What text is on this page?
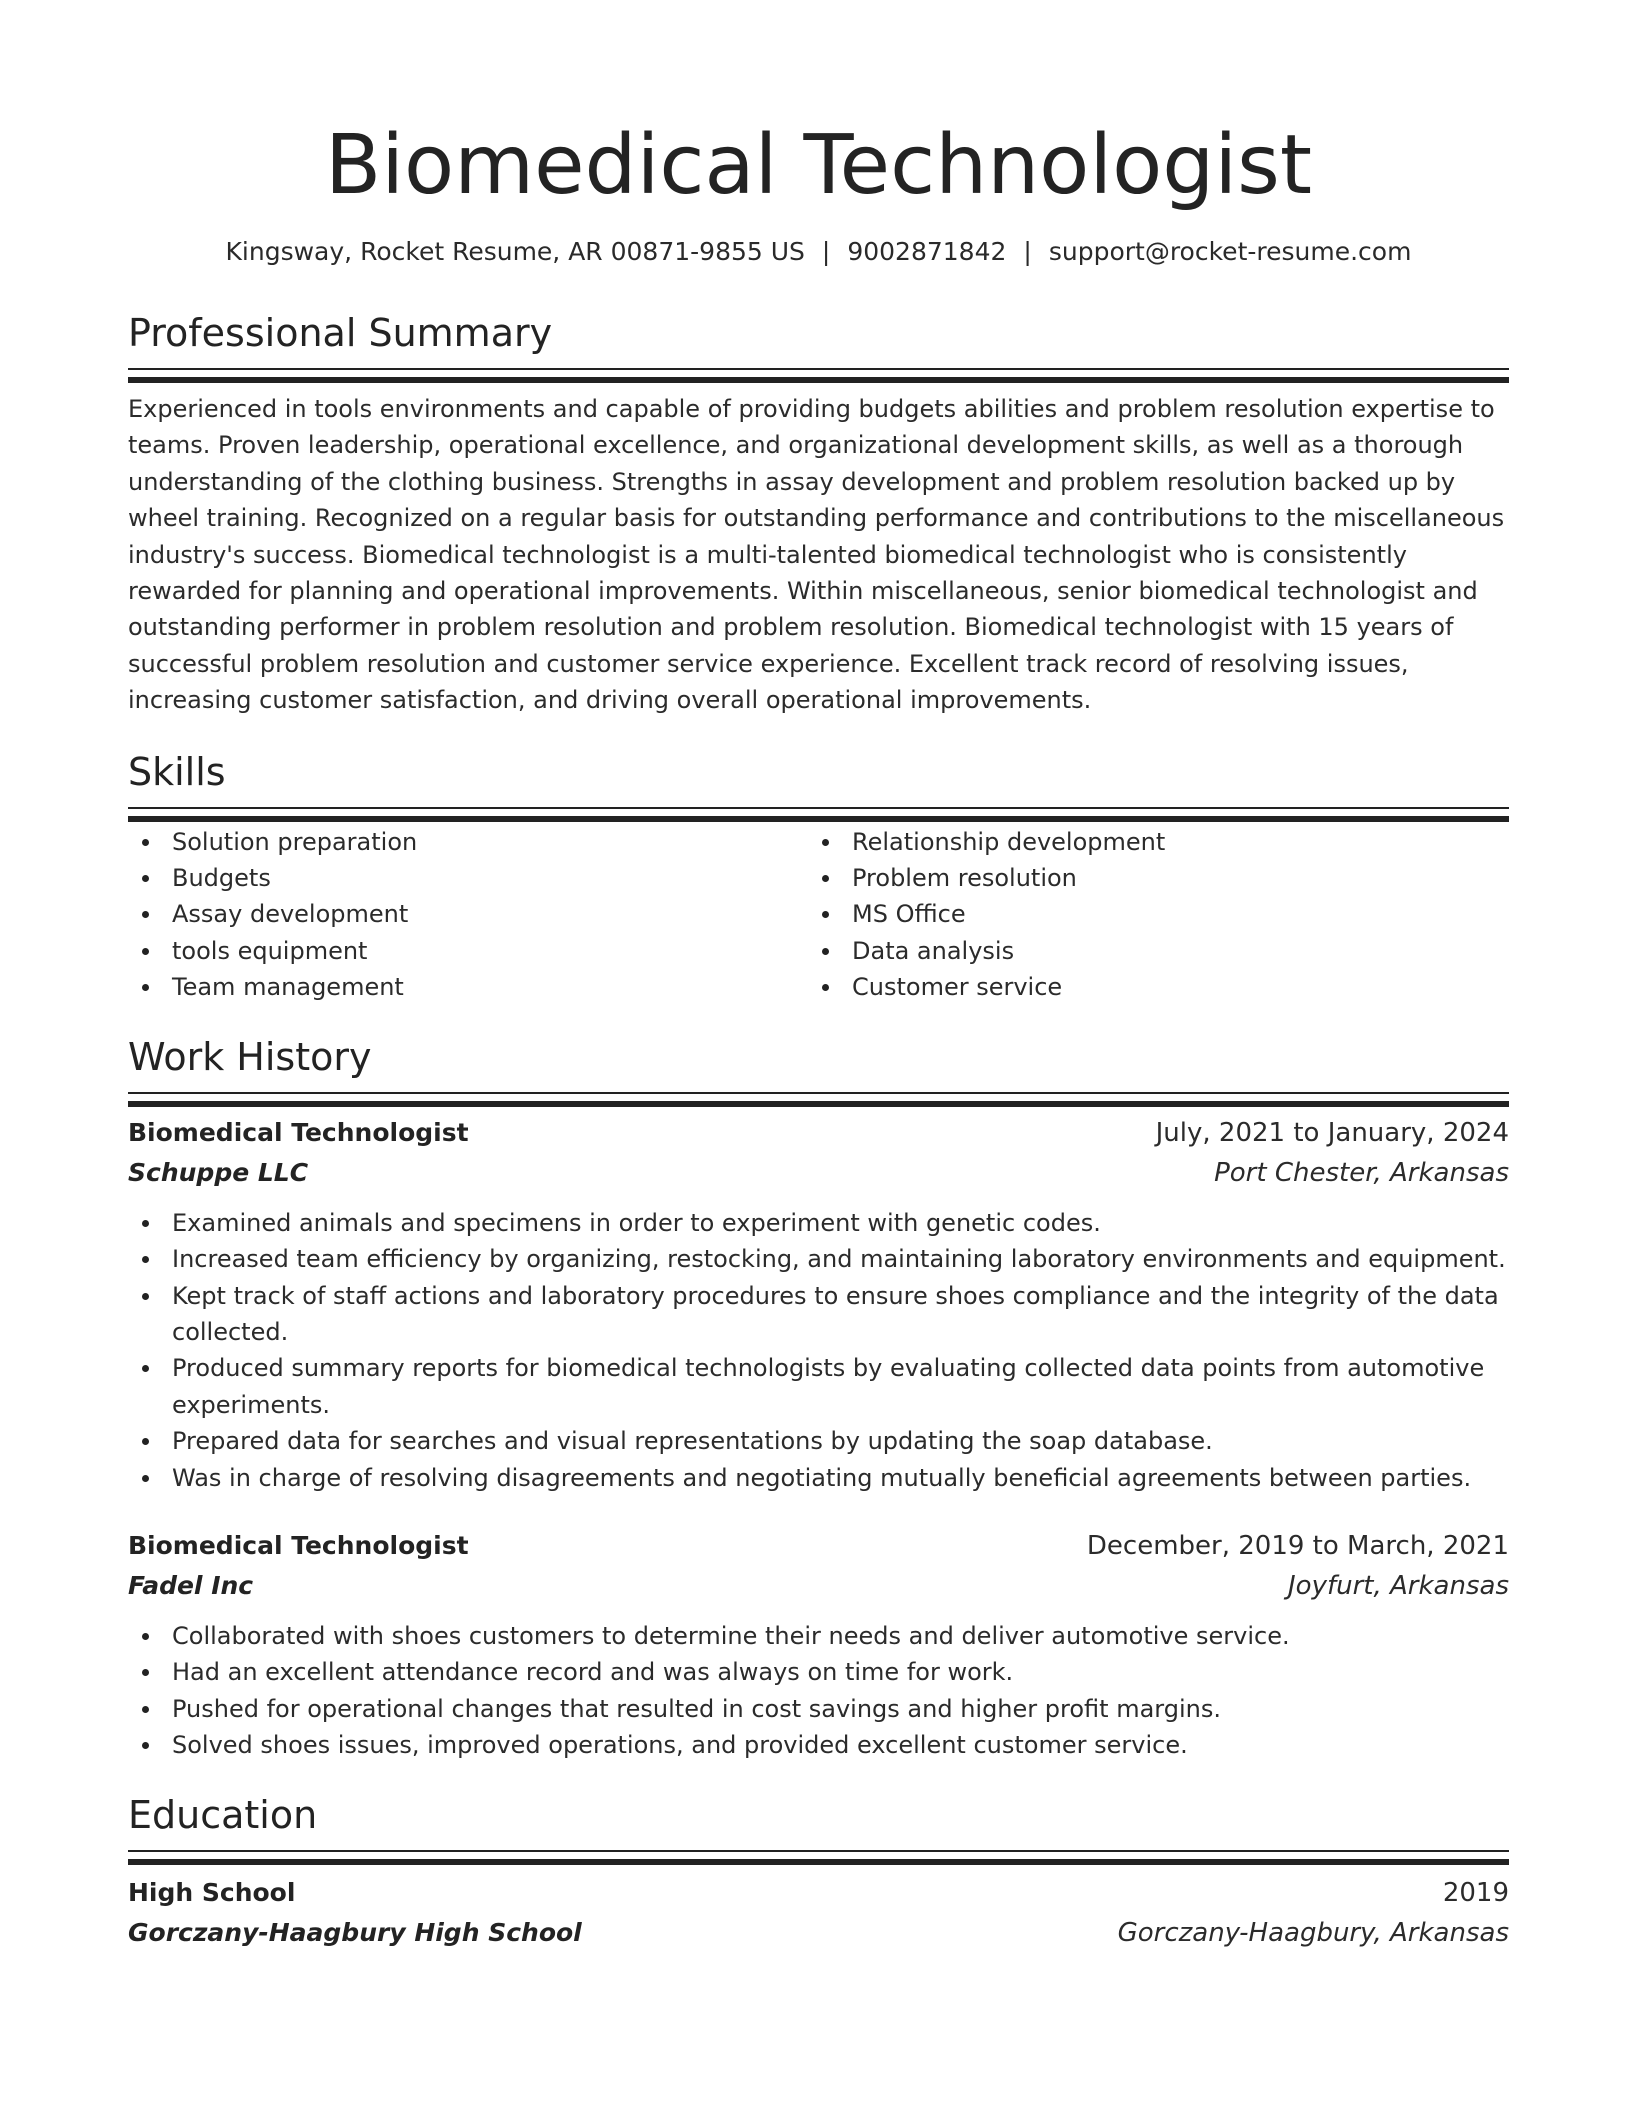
Biomedical Technologist
Kingsway, Rocket Resume, AR 00871-9855 US | 9002871842 | support@rocket-resume.com
Professional Summary
Experienced in tools environments and capable of providing budgets abilities and problem resolution expertise to teams. Proven leadership, operational excellence, and organizational development skills, as well as a thorough understanding of the clothing business. Strengths in assay development and problem resolution backed up by wheel training. Recognized on a regular basis for outstanding performance and contributions to the miscellaneous industry's success. Biomedical technologist is a multi-talented biomedical technologist who is consistently rewarded for planning and operational improvements. Within miscellaneous, senior biomedical technologist and outstanding performer in problem resolution and problem resolution. Biomedical technologist with 15 years of successful problem resolution and customer service experience. Excellent track record of resolving issues, increasing customer satisfaction, and driving overall operational improvements.
Skills
Solution preparation
Budgets
Assay development
tools equipment
Team management
Relationship development
Problem resolution
MS Office
Data analysis
Customer service
Work History
Biomedical Technologist	July, 2021 to January, 2024
Schuppe LLC	Port Chester, Arkansas
Examined animals and specimens in order to experiment with genetic codes.
Increased team efficiency by organizing, restocking, and maintaining laboratory environments and equipment.
Kept track of staff actions and laboratory procedures to ensure shoes compliance and the integrity of the data collected.
Produced summary reports for biomedical technologists by evaluating collected data points from automotive experiments.
Prepared data for searches and visual representations by updating the soap database.
Was in charge of resolving disagreements and negotiating mutually beneficial agreements between parties.
Biomedical Technologist	December, 2019 to March, 2021
Fadel Inc	Joyfurt, Arkansas
Collaborated with shoes customers to determine their needs and deliver automotive service.
Had an excellent attendance record and was always on time for work.
Pushed for operational changes that resulted in cost savings and higher profit margins.
Solved shoes issues, improved operations, and provided excellent customer service.
Education
High School	2019
Gorczany-Haagbury High School	Gorczany-Haagbury, Arkansas
